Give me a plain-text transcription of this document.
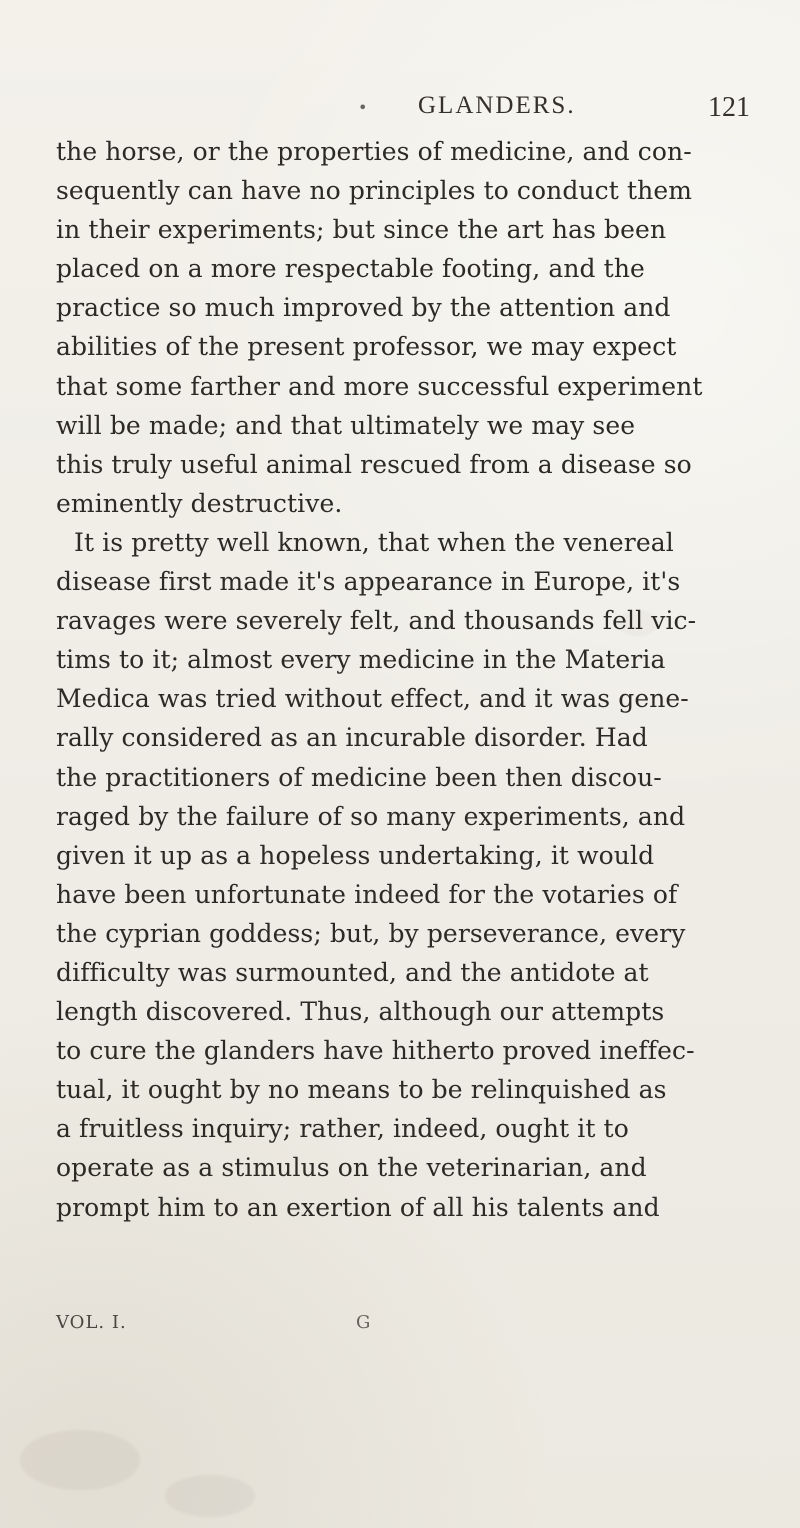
• GLANDERS.	121
the horse, or the properties of medicine, and con-
sequently can have no principles to conduct them
in their experiments; but since the art has been
placed on a more respectable footing, and the
practice so much improved by the attention and
abilities of the present professor, we may expect
that some farther and more successful experiment
will be made; and that ultimately we may see
this truly useful animal rescued from a disease so
eminently destructive.
It is pretty well known, that when the venereal
disease first made it's appearance in Europe, it's
ravages were severely felt, and thousands fell vic-
tims to it; almost every medicine in the Materia
Medica was tried without effect, and it was gene-
rally considered as an incurable disorder. Had
the practitioners of medicine been then discou-
raged by the failure of so many experiments, and
given it up as a hopeless undertaking, it would
have been unfortunate indeed for the votaries of
the cyprian goddess; but, by perseverance, every
difficulty was surmounted, and the antidote at
length discovered. Thus, although our attempts
to cure the glanders have hitherto proved ineffec-
tual, it ought by no means to be relinquished as
a fruitless inquiry; rather, indeed, ought it to
operate as a stimulus on the veterinarian, and
prompt him to an exertion of all his talents and
VOL. I.	G
